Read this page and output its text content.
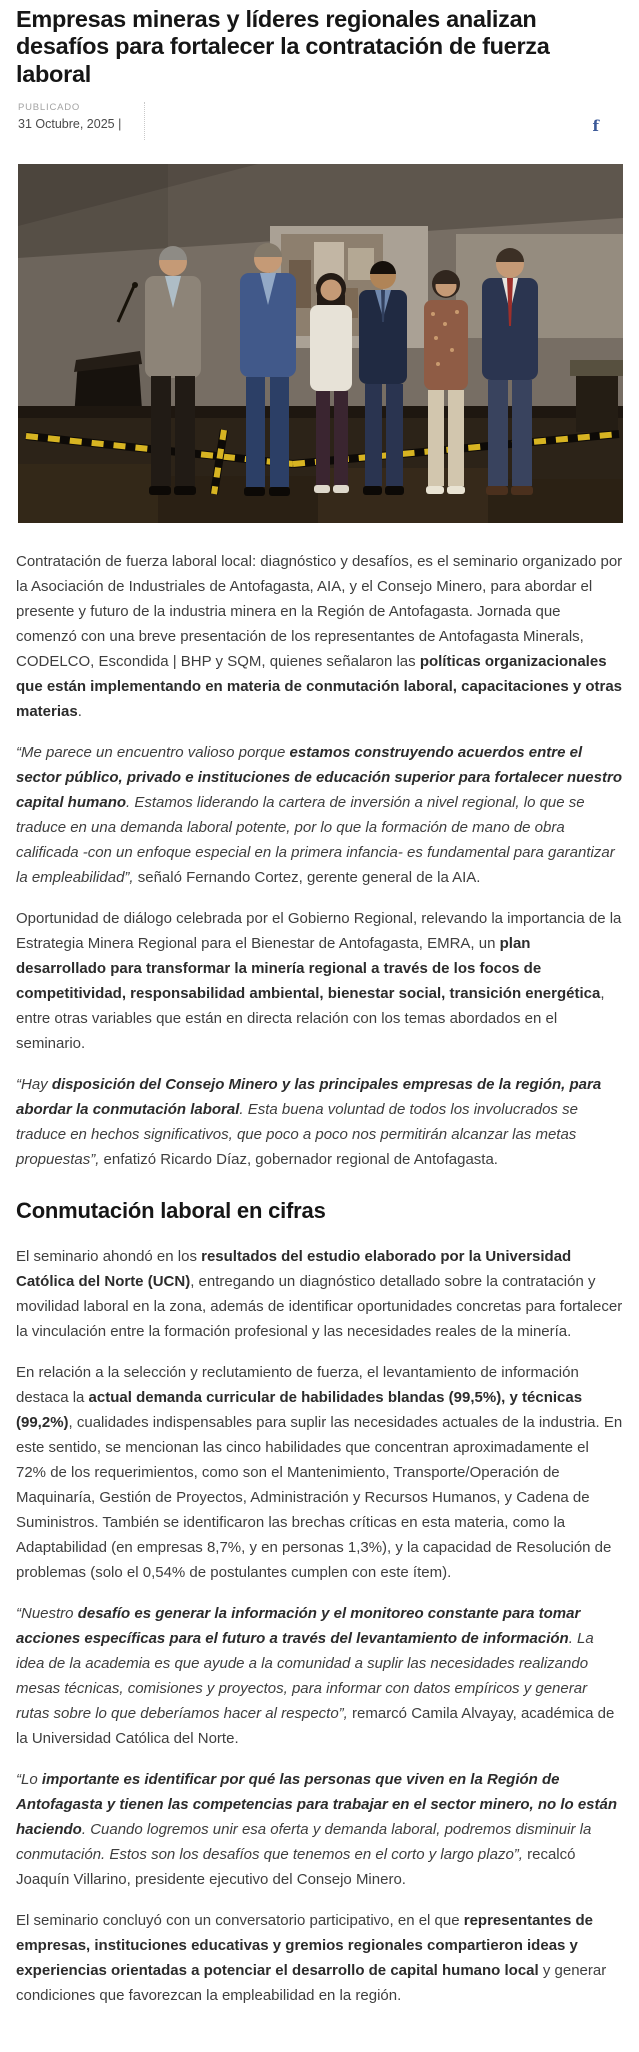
Empresas mineras y líderes regionales analizan desafíos para fortalecer la contratación de fuerza laboral
PUBLICADO
31 Octubre, 2025 |	f

Contratación de fuerza laboral local: diagnóstico y desafíos, es el seminario organizado por la Asociación de Industriales de Antofagasta, AIA, y el Consejo Minero, para abordar el presente y futuro de la industria minera en la Región de Antofagasta. Jornada que comenzó con una breve presentación de los representantes de Antofagasta Minerals, CODELCO, Escondida | BHP y SQM, quienes señalaron las políticas organizacionales que están implementando en materia de conmutación laboral, capacitaciones y otras materias.

“Me parece un encuentro valioso porque estamos construyendo acuerdos entre el sector público, privado e instituciones de educación superior para fortalecer nuestro capital humano. Estamos liderando la cartera de inversión a nivel regional, lo que se traduce en una demanda laboral potente, por lo que la formación de mano de obra calificada -con un enfoque especial en la primera infancia- es fundamental para garantizar la empleabilidad”, señaló Fernando Cortez, gerente general de la AIA.

Oportunidad de diálogo celebrada por el Gobierno Regional, relevando la importancia de la Estrategia Minera Regional para el Bienestar de Antofagasta, EMRA, un plan desarrollado para transformar la minería regional a través de los focos de competitividad, responsabilidad ambiental, bienestar social, transición energética, entre otras variables que están en directa relación con los temas abordados en el seminario.

“Hay disposición del Consejo Minero y las principales empresas de la región, para abordar la conmutación laboral. Esta buena voluntad de todos los involucrados se traduce en hechos significativos, que poco a poco nos permitirán alcanzar las metas propuestas”, enfatizó Ricardo Díaz, gobernador regional de Antofagasta.

Conmutación laboral en cifras

El seminario ahondó en los resultados del estudio elaborado por la Universidad Católica del Norte (UCN), entregando un diagnóstico detallado sobre la contratación y movilidad laboral en la zona, además de identificar oportunidades concretas para fortalecer la vinculación entre la formación profesional y las necesidades reales de la minería.

En relación a la selección y reclutamiento de fuerza, el levantamiento de información destaca la actual demanda curricular de habilidades blandas (99,5%), y técnicas (99,2%), cualidades indispensables para suplir las necesidades actuales de la industria. En este sentido, se mencionan las cinco habilidades que concentran aproximadamente el 72% de los requerimientos, como son el Mantenimiento, Transporte/Operación de Maquinaría, Gestión de Proyectos, Administración y Recursos Humanos, y Cadena de Suministros. También se identificaron las brechas críticas en esta materia, como la Adaptabilidad (en empresas 8,7%, y en personas 1,3%), y la capacidad de Resolución de problemas (solo el 0,54% de postulantes cumplen con este ítem).

“Nuestro desafío es generar la información y el monitoreo constante para tomar acciones específicas para el futuro a través del levantamiento de información. La idea de la academia es que ayude a la comunidad a suplir las necesidades realizando mesas técnicas, comisiones y proyectos, para informar con datos empíricos y generar rutas sobre lo que deberíamos hacer al respecto”, remarcó Camila Alvayay, académica de la Universidad Católica del Norte.

“Lo importante es identificar por qué las personas que viven en la Región de Antofagasta y tienen las competencias para trabajar en el sector minero, no lo están haciendo. Cuando logremos unir esa oferta y demanda laboral, podremos disminuir la conmutación. Estos son los desafíos que tenemos en el corto y largo plazo”, recalcó Joaquín Villarino, presidente ejecutivo del Consejo Minero.

El seminario concluyó con un conversatorio participativo, en el que representantes de empresas, instituciones educativas y gremios regionales compartieron ideas y experiencias orientadas a potenciar el desarrollo de capital humano local y generar condiciones que favorezcan la empleabilidad en la región.
